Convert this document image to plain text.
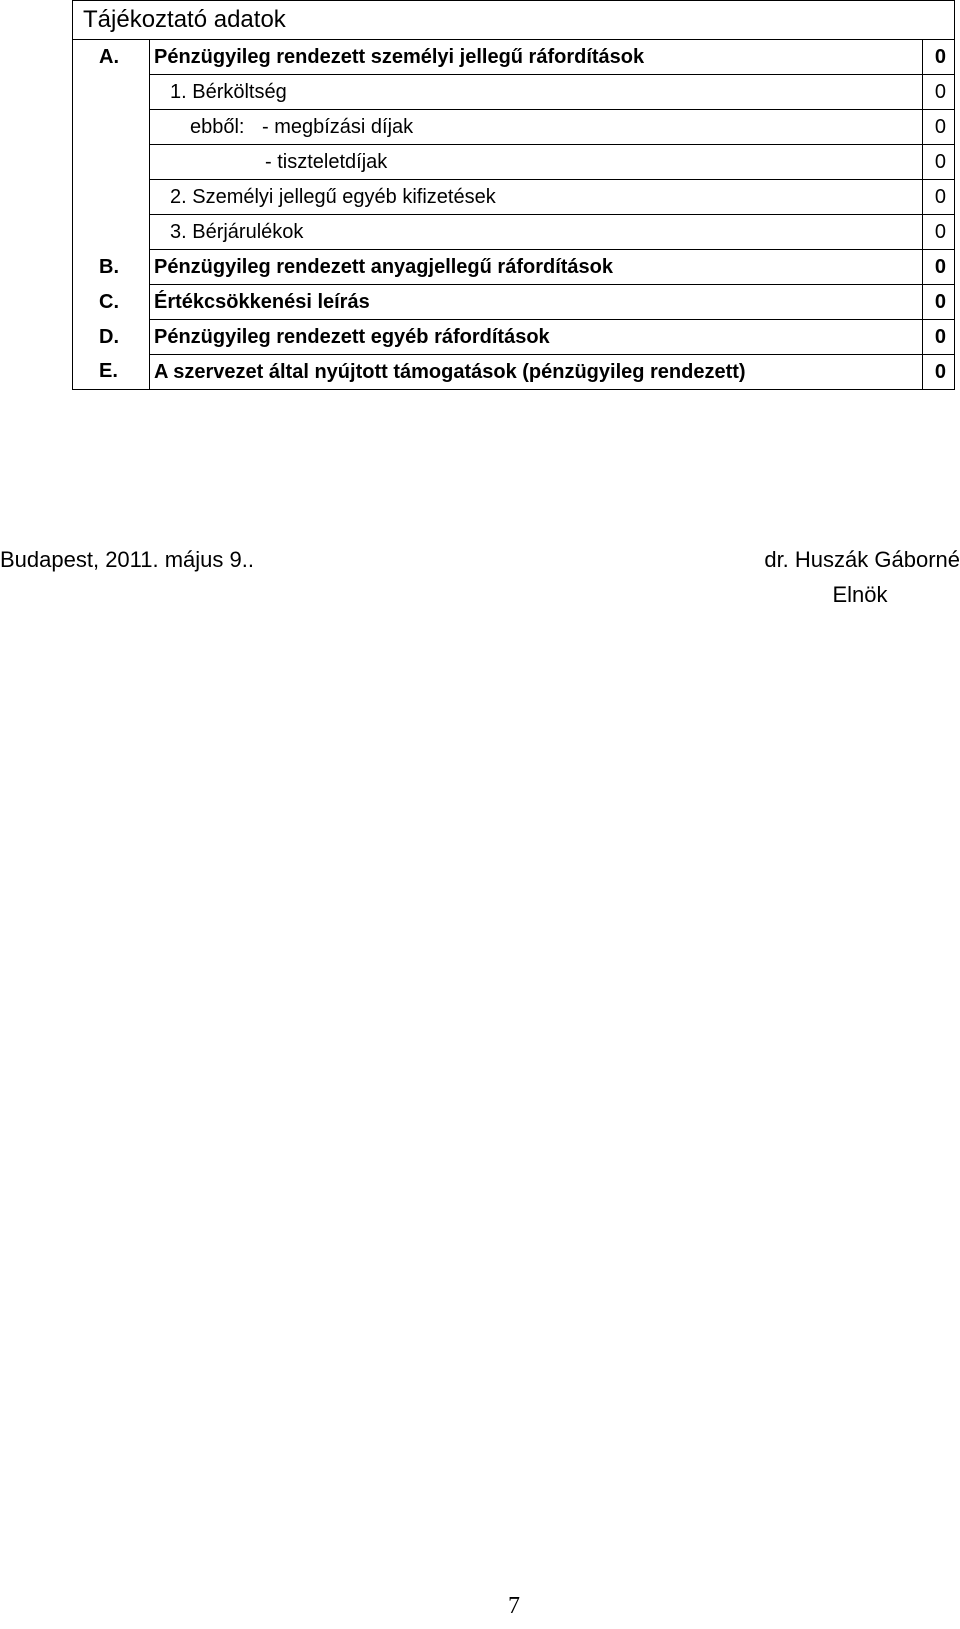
Tájékoztató adatok		
A.	Pénzügyileg rendezett személyi jellegű ráfordítások	0
	1. Bérköltség	0
	ebből: - megbízási díjak	0
	- tiszteletdíjak	0
	2. Személyi jellegű egyéb kifizetések	0
	3. Bérjárulékok	0
B.	Pénzügyileg rendezett anyagjellegű ráfordítások	0
C.	Értékcsökkenési leírás	0
D.	Pénzügyileg rendezett egyéb ráfordítások	0
E.	A szervezet által nyújtott támogatások (pénzügyileg rendezett)	0
Budapest, 2011. május 9..	dr. Huszák Gáborné
Elnök
7
